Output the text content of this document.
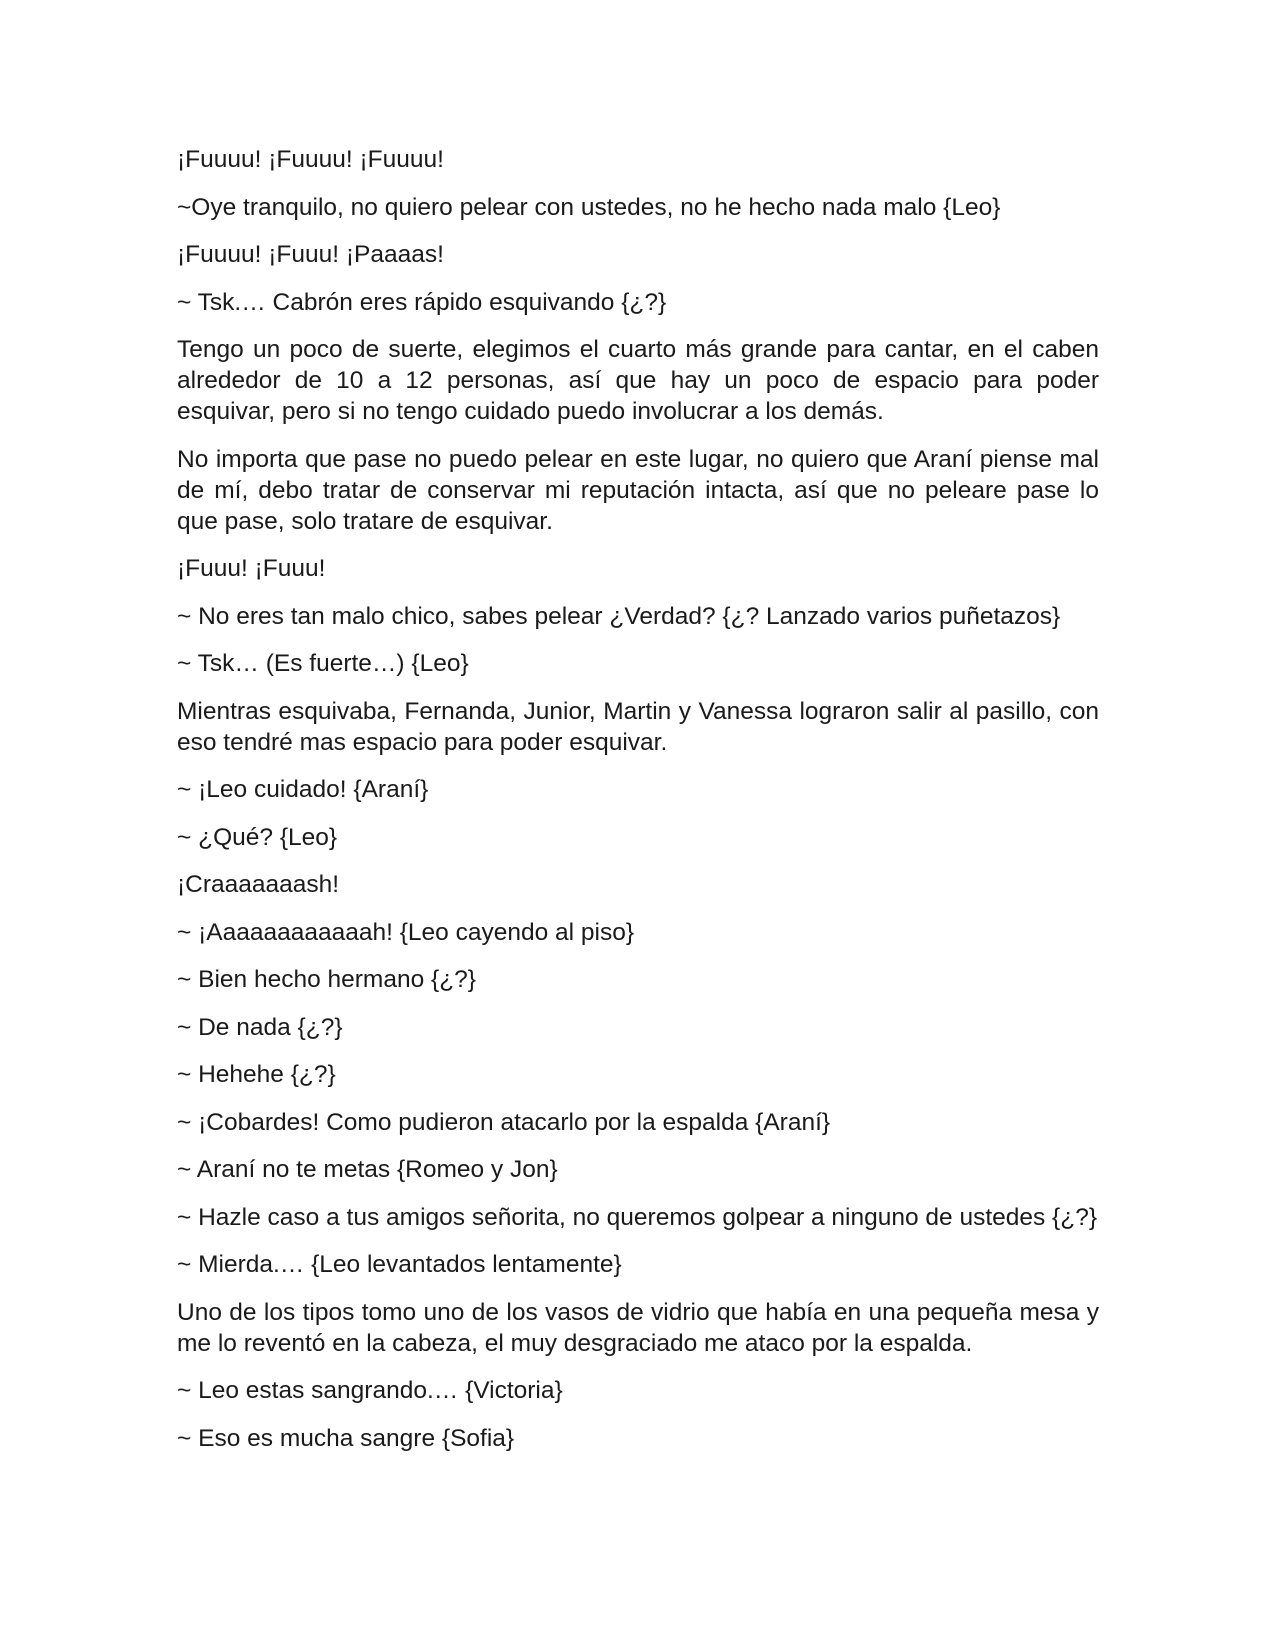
¡Fuuuu! ¡Fuuuu! ¡Fuuuu!

~Oye tranquilo, no quiero pelear con ustedes, no he hecho nada malo {Leo}

¡Fuuuu! ¡Fuuu! ¡Paaaas!

~ Tsk.… Cabrón eres rápido esquivando {¿?}

Tengo un poco de suerte, elegimos el cuarto más grande para cantar, en el caben alrededor de 10 a 12 personas, así que hay un poco de espacio para poder esquivar, pero si no tengo cuidado puedo involucrar a los demás.

No importa que pase no puedo pelear en este lugar, no quiero que Araní piense mal de mí, debo tratar de conservar mi reputación intacta, así que no peleare pase lo que pase, solo tratare de esquivar.

¡Fuuu! ¡Fuuu!

~ No eres tan malo chico, sabes pelear ¿Verdad? {¿? Lanzado varios puñetazos}

~ Tsk… (Es fuerte…) {Leo}

Mientras esquivaba, Fernanda, Junior, Martin y Vanessa lograron salir al pasillo, con eso tendré mas espacio para poder esquivar.

~ ¡Leo cuidado! {Araní}

~ ¿Qué? {Leo}

¡Craaaaaaash!

~ ¡Aaaaaaaaaaaah! {Leo cayendo al piso}

~ Bien hecho hermano {¿?}

~ De nada {¿?}

~ Hehehe {¿?}

~ ¡Cobardes! Como pudieron atacarlo por la espalda {Araní}

~ Araní no te metas {Romeo y Jon}

~ Hazle caso a tus amigos señorita, no queremos golpear a ninguno de ustedes {¿?}

~ Mierda.… {Leo levantados lentamente}

Uno de los tipos tomo uno de los vasos de vidrio que había en una pequeña mesa y me lo reventó en la cabeza, el muy desgraciado me ataco por la espalda.

~ Leo estas sangrando.… {Victoria}

~ Eso es mucha sangre {Sofia}
